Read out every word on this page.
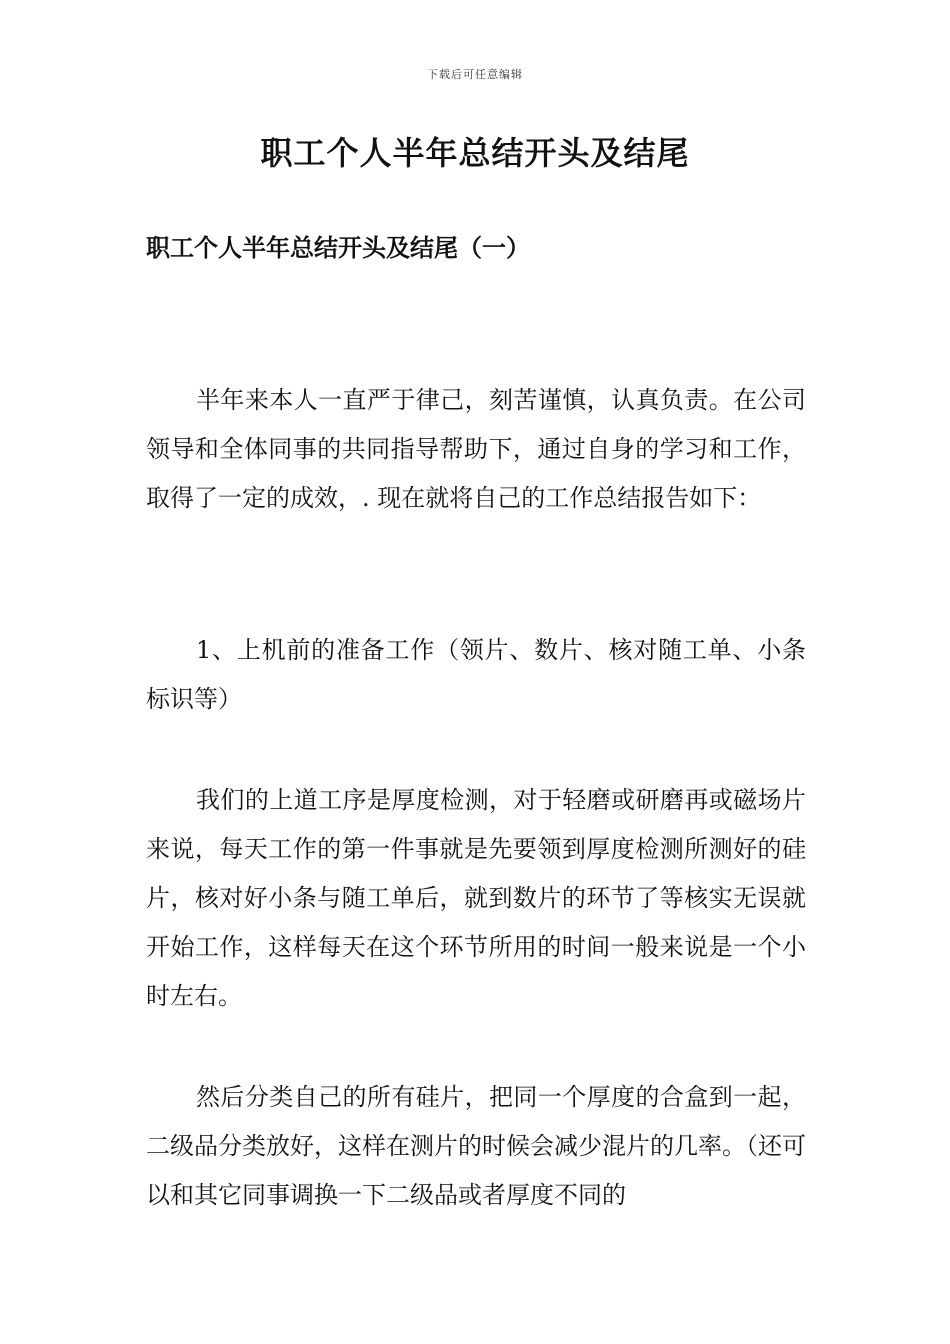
下载后可任意编辑
职工个人半年总结开头及结尾
职工个人半年总结开头及结尾（一）

半年来本人一直严于律己，刻苦谨慎，认真负责。在公司领导和全体同事的共同指导帮助下，通过自身的学习和工作，取得了一定的成效，. 现在就将自己的工作总结报告如下：

1、上机前的准备工作（领片、数片、核对随工单、小条标识等）

我们的上道工序是厚度检测，对于轻磨或研磨再或磁场片来说，每天工作的第一件事就是先要领到厚度检测所测好的硅片，核对好小条与随工单后，就到数片的环节了等核实无误就开始工作，这样每天在这个环节所用的时间一般来说是一个小时左右。

然后分类自己的所有硅片，把同一个厚度的合盒到一起，二级品分类放好，这样在测片的时候会减少混片的几率。（还可以和其它同事调换一下二级品或者厚度不同的
